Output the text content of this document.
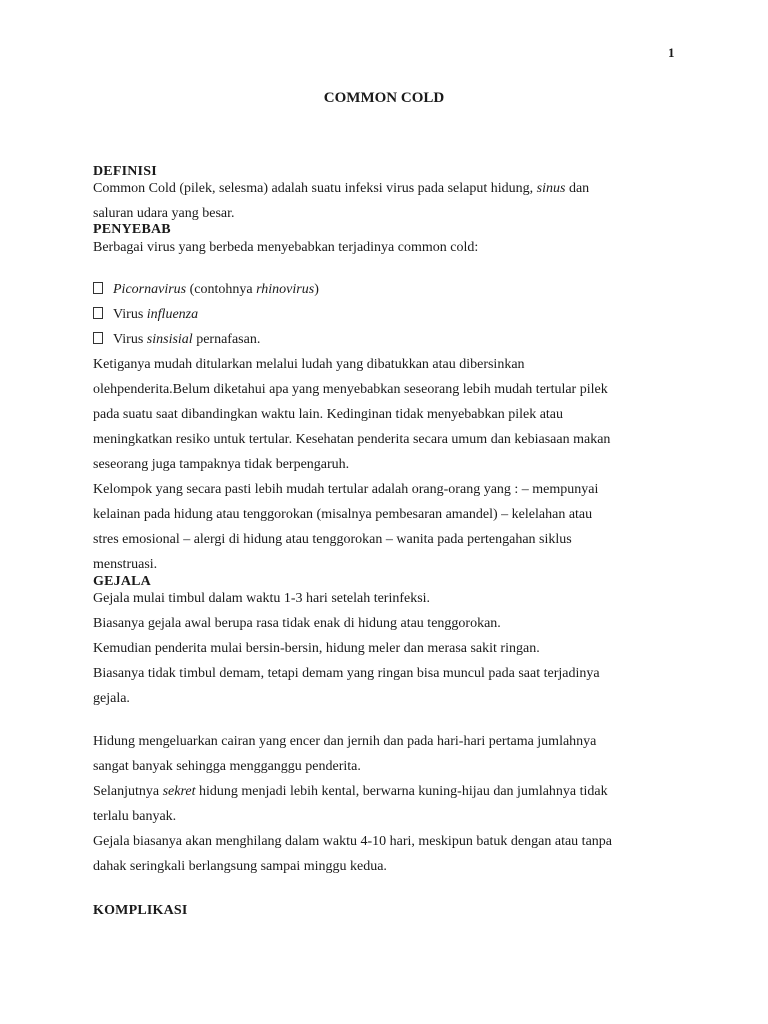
1
COMMON COLD
DEFINISI
Common Cold (pilek, selesma) adalah suatu infeksi virus pada selaput hidung, sinus dan
saluran udara yang besar.
PENYEBAB
Berbagai virus yang berbeda menyebabkan terjadinya common cold:
Picornavirus (contohnya rhinovirus)
Virus influenza
Virus sinsisial pernafasan.
Ketiganya mudah ditularkan melalui ludah yang dibatukkan atau dibersinkan
olehpenderita.Belum diketahui apa yang menyebabkan seseorang lebih mudah tertular pilek
pada suatu saat dibandingkan waktu lain. Kedinginan tidak menyebabkan pilek atau
meningkatkan resiko untuk tertular. Kesehatan penderita secara umum dan kebiasaan makan
seseorang juga tampaknya tidak berpengaruh.
Kelompok yang secara pasti lebih mudah tertular adalah orang-orang yang : – mempunyai
kelainan pada hidung atau tenggorokan (misalnya pembesaran amandel) – kelelahan atau
stres emosional – alergi di hidung atau tenggorokan – wanita pada pertengahan siklus
menstruasi.
GEJALA
Gejala mulai timbul dalam waktu 1-3 hari setelah terinfeksi.
Biasanya gejala awal berupa rasa tidak enak di hidung atau tenggorokan.
Kemudian penderita mulai bersin-bersin, hidung meler dan merasa sakit ringan.
Biasanya tidak timbul demam, tetapi demam yang ringan bisa muncul pada saat terjadinya
gejala.
Hidung mengeluarkan cairan yang encer dan jernih dan pada hari-hari pertama jumlahnya
sangat banyak sehingga mengganggu penderita.
Selanjutnya sekret hidung menjadi lebih kental, berwarna kuning-hijau dan jumlahnya tidak
terlalu banyak.
Gejala biasanya akan menghilang dalam waktu 4-10 hari, meskipun batuk dengan atau tanpa
dahak seringkali berlangsung sampai minggu kedua.
KOMPLIKASI
